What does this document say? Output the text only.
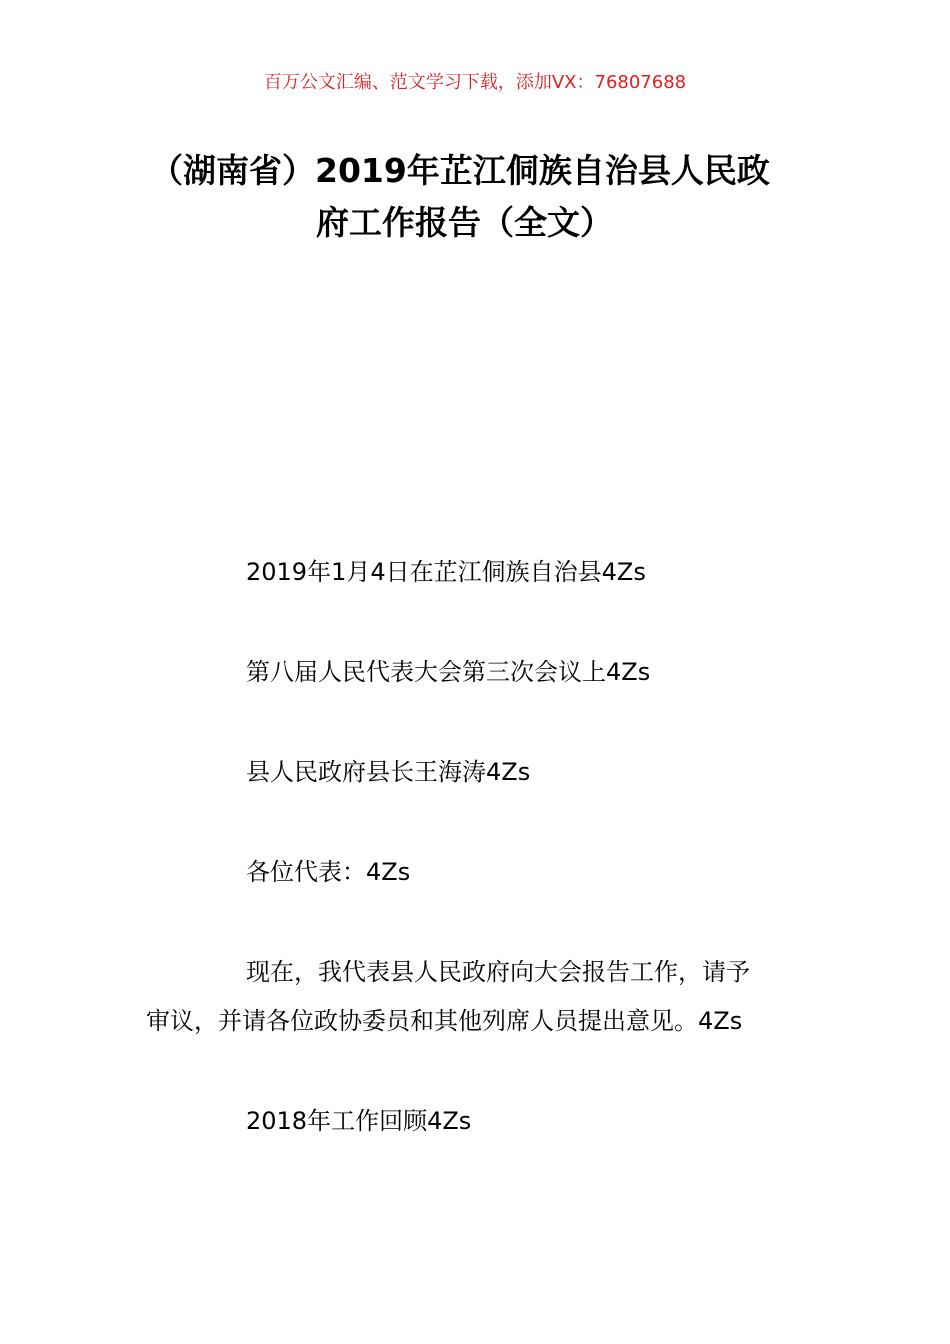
百万公文汇编、范文学习下载，添加VX：76807688
（湖南省）2019年芷江侗族自治县人民政
府工作报告（全文）
2019年1月4日在芷江侗族自治县4Zs
第八届人民代表大会第三次会议上4Zs
县人民政府县长王海涛4Zs
各位代表：4Zs
现在，我代表县人民政府向大会报告工作，请予
审议，并请各位政协委员和其他列席人员提出意见。4Zs
2018年工作回顾4Zs
